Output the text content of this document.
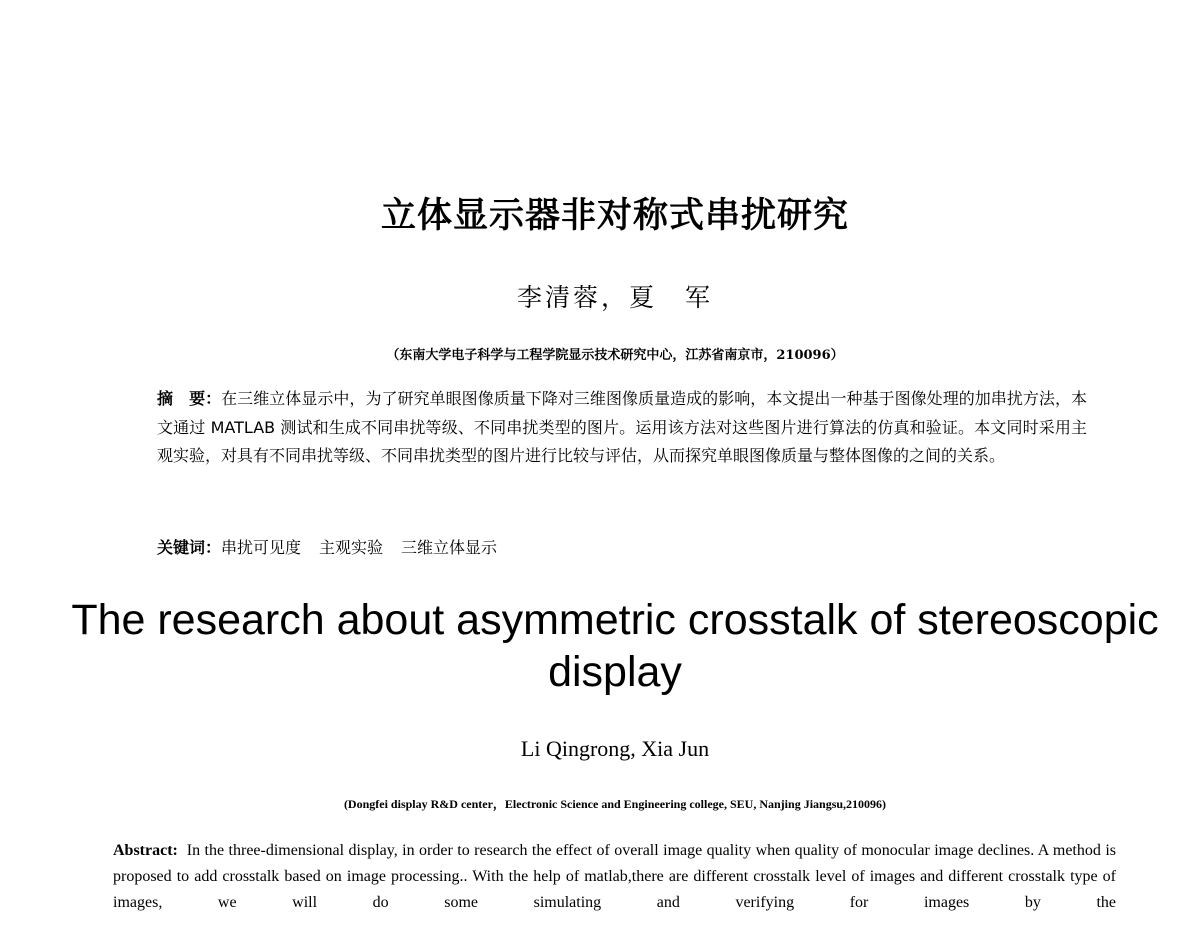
立体显示器非对称式串扰研究
李清蓉，夏　军
（东南大学电子科学与工程学院显示技术研究中心，江苏省南京市，210096）
摘　要：在三维立体显示中，为了研究单眼图像质量下降对三维图像质量造成的影响，本文提出一种基于图像处理的加串扰方法，本文通过 MATLAB 测试和生成不同串扰等级、不同串扰类型的图片。运用该方法对这些图片进行算法的仿真和验证。本文同时采用主观实验，对具有不同串扰等级、不同串扰类型的图片进行比较与评估，从而探究单眼图像质量与整体图像的之间的关系。
关键词：串扰可见度 主观实验 三维立体显示
The research about asymmetric crosstalk of stereoscopic display
Li Qingrong, Xia Jun
(Dongfei display R&D center，Electronic Science and Engineering college, SEU, Nanjing Jiangsu,210096)
Abstract: In the three-dimensional display, in order to research the effect of overall image quality when quality of monocular image declines. A method is proposed to add crosstalk based on image processing.. With the help of matlab,there are different crosstalk level of images and different crosstalk type of images, we will do some simulating and verifying for images by the
